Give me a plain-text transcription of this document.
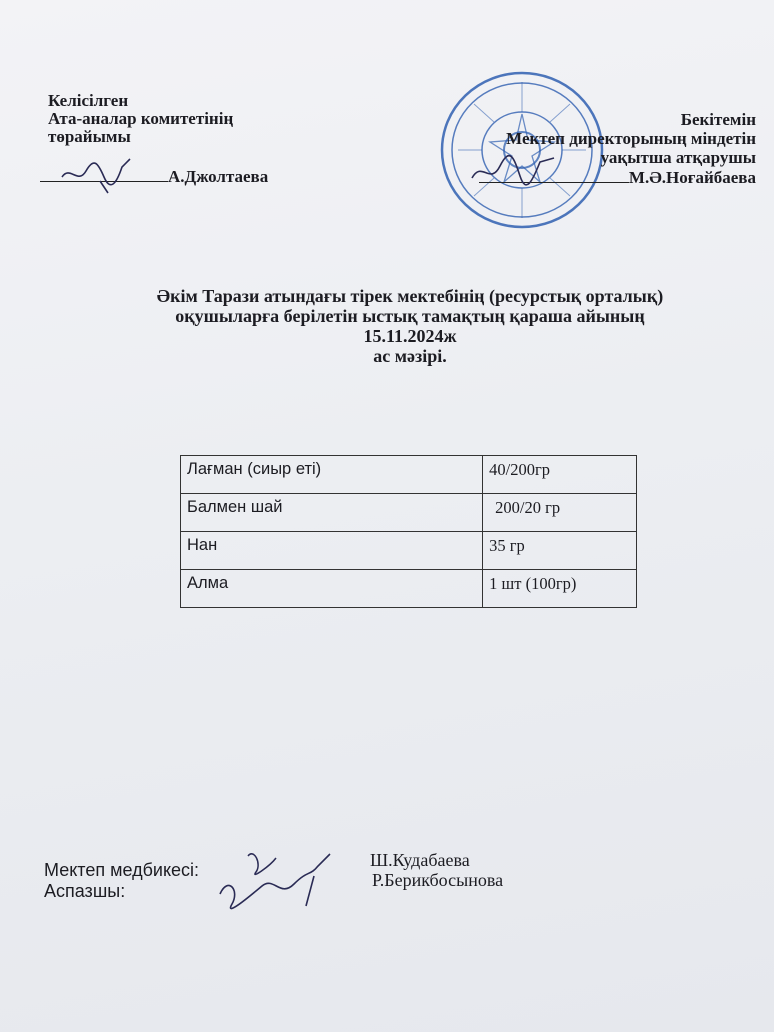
Келісілген
Ата-аналар комитетінің
төрайымы
А.Джолтаева
Бекітемін
Мектеп директорының міндетін
уақытша атқарушы
М.Ә.Ноғайбаева
Әкім Тарази атындағы тірек мектебінің (ресурстық орталық)
оқушыларға берілетін ыстық тамақтың қараша айының
15.11.2024ж
ас мәзірі.
Лағман (сиыр еті)	40/200гр
Балмен шай	200/20 гр
Нан	35 гр
Алма	1 шт (100гр)
Мектеп медбикесі:
Аспазшы:
Ш.Кудабаева
Р.Берикбосынова
